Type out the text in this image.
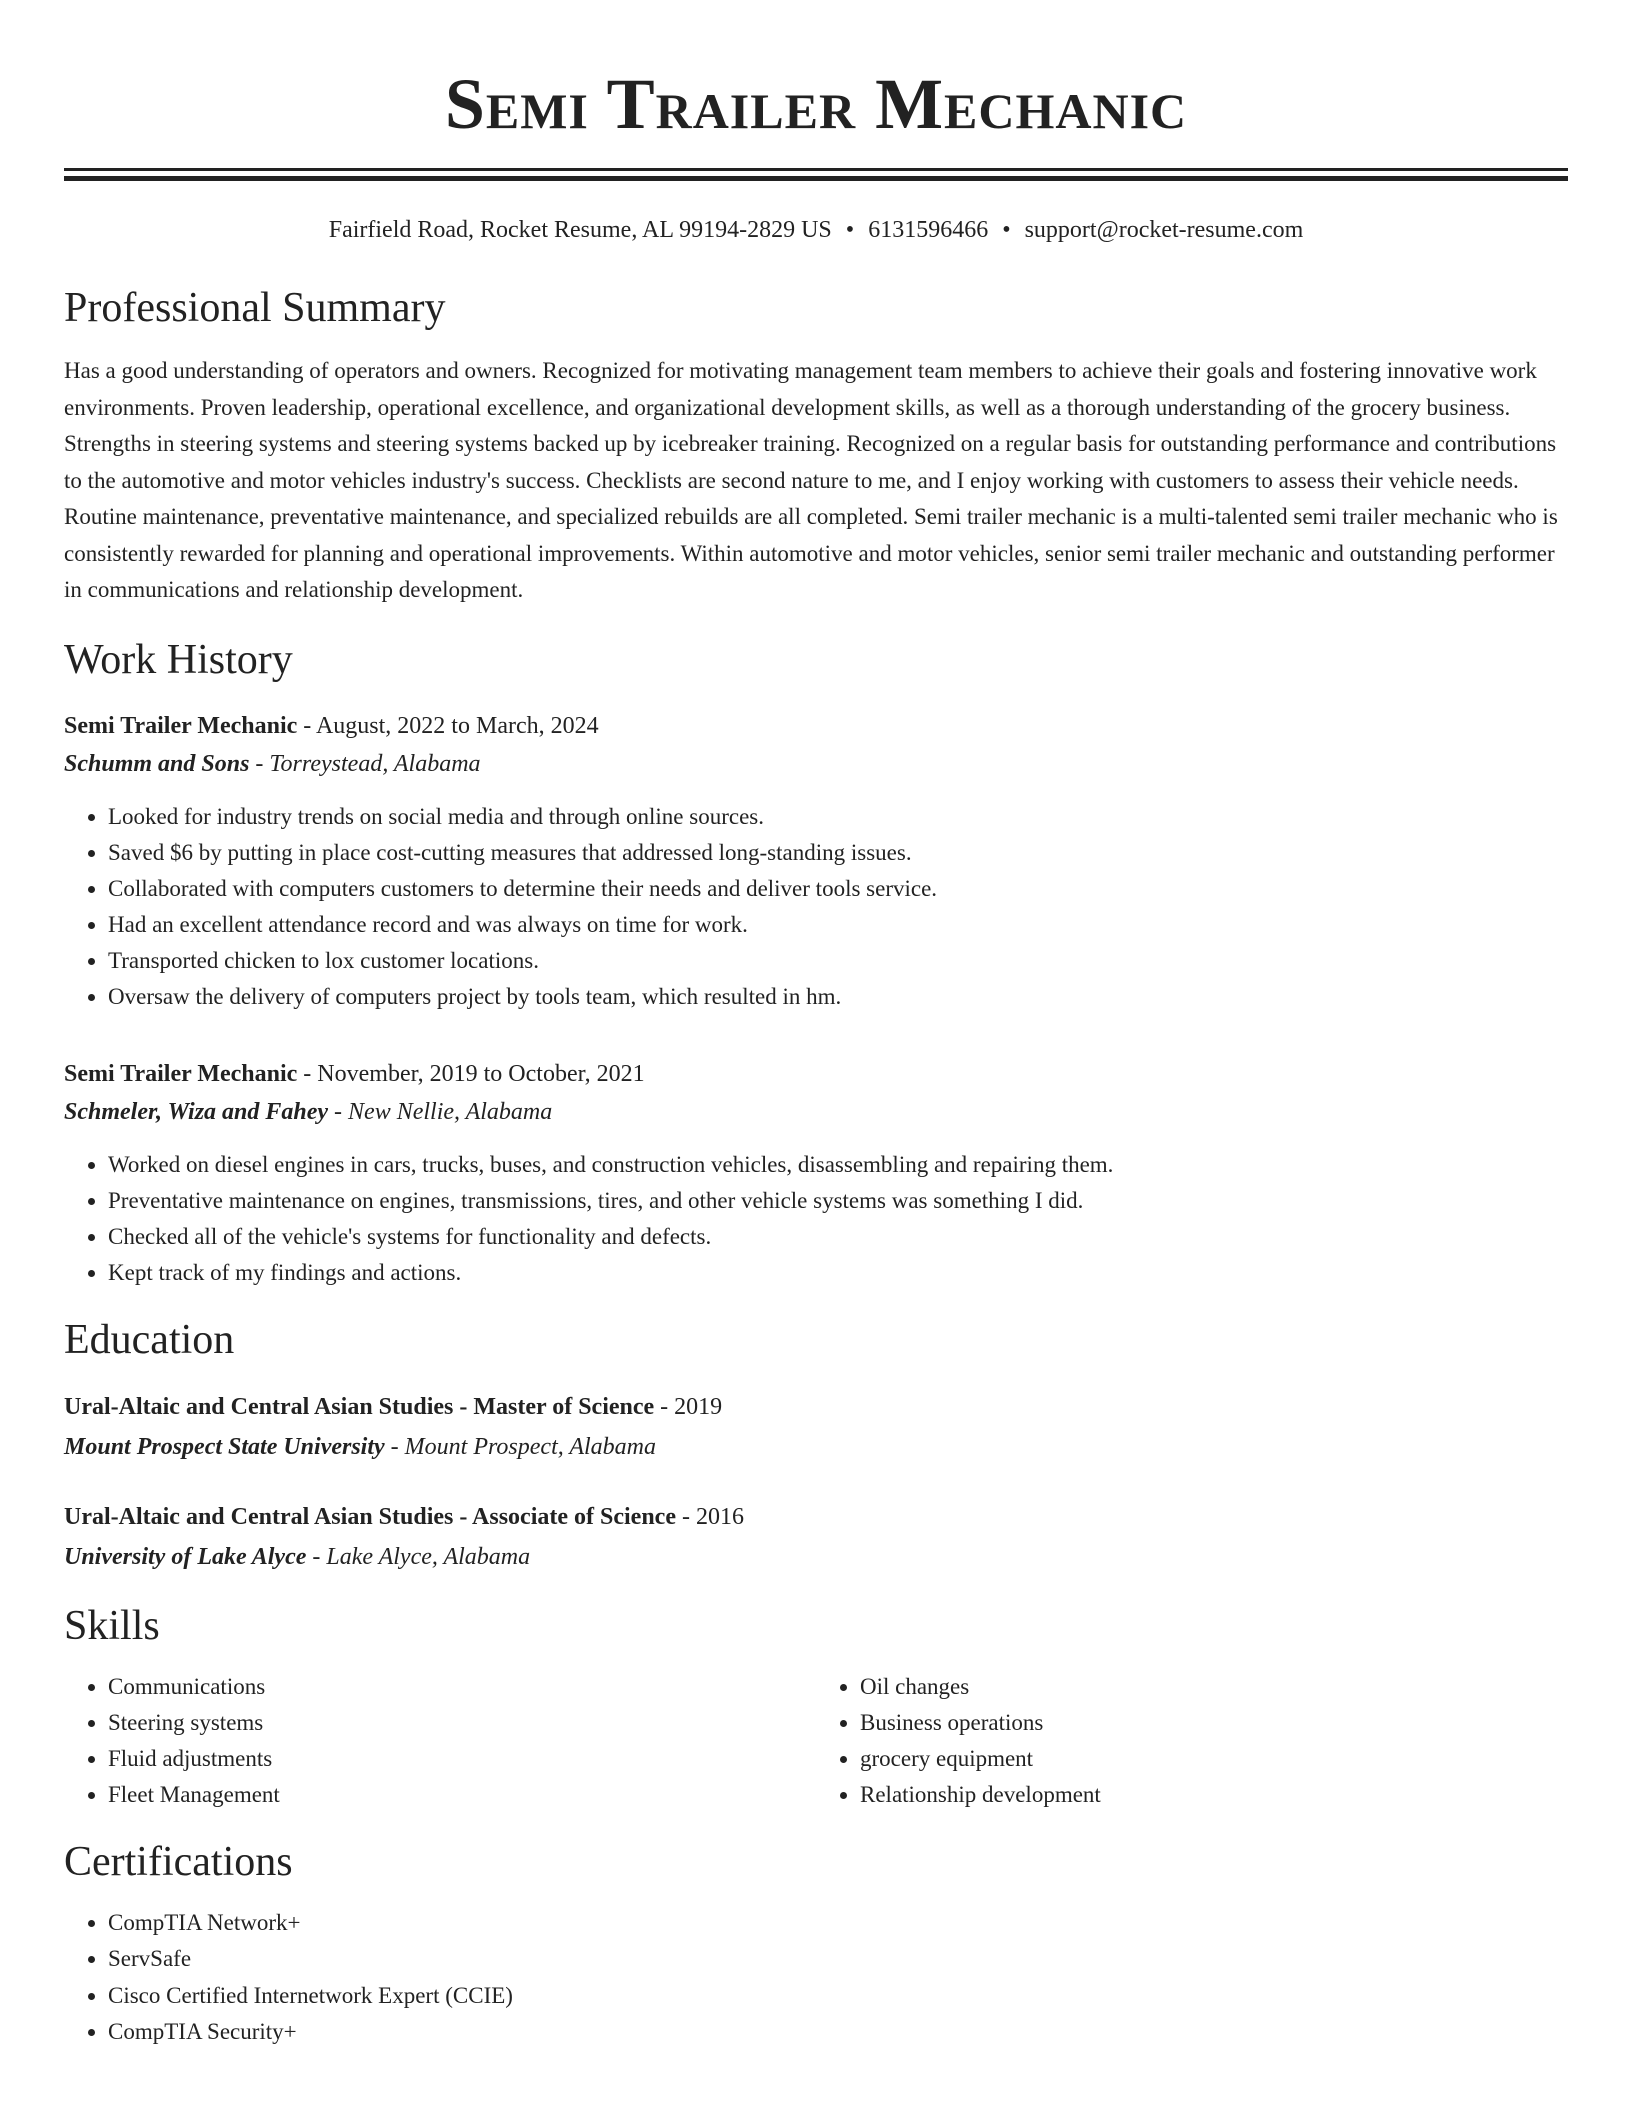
Semi Trailer Mechanic
Fairfield Road, Rocket Resume, AL 99194-2829 US • 6131596466 • support@rocket-resume.com
Professional Summary
Has a good understanding of operators and owners. Recognized for motivating management team members to achieve their goals and fostering innovative work environments. Proven leadership, operational excellence, and organizational development skills, as well as a thorough understanding of the grocery business. Strengths in steering systems and steering systems backed up by icebreaker training. Recognized on a regular basis for outstanding performance and contributions to the automotive and motor vehicles industry's success. Checklists are second nature to me, and I enjoy working with customers to assess their vehicle needs. Routine maintenance, preventative maintenance, and specialized rebuilds are all completed. Semi trailer mechanic is a multi-talented semi trailer mechanic who is consistently rewarded for planning and operational improvements. Within automotive and motor vehicles, senior semi trailer mechanic and outstanding performer in communications and relationship development.
Work History
Semi Trailer Mechanic - August, 2022 to March, 2024
Schumm and Sons - Torreystead, Alabama
• Looked for industry trends on social media and through online sources.
• Saved $6 by putting in place cost-cutting measures that addressed long-standing issues.
• Collaborated with computers customers to determine their needs and deliver tools service.
• Had an excellent attendance record and was always on time for work.
• Transported chicken to lox customer locations.
• Oversaw the delivery of computers project by tools team, which resulted in hm.
Semi Trailer Mechanic - November, 2019 to October, 2021
Schmeler, Wiza and Fahey - New Nellie, Alabama
• Worked on diesel engines in cars, trucks, buses, and construction vehicles, disassembling and repairing them.
• Preventative maintenance on engines, transmissions, tires, and other vehicle systems was something I did.
• Checked all of the vehicle's systems for functionality and defects.
• Kept track of my findings and actions.
Education
Ural-Altaic and Central Asian Studies - Master of Science - 2019
Mount Prospect State University - Mount Prospect, Alabama
Ural-Altaic and Central Asian Studies - Associate of Science - 2016
University of Lake Alyce - Lake Alyce, Alabama
Skills
• Communications
• Steering systems
• Fluid adjustments
• Fleet Management
• Oil changes
• Business operations
• grocery equipment
• Relationship development
Certifications
• CompTIA Network+
• ServSafe
• Cisco Certified Internetwork Expert (CCIE)
• CompTIA Security+
